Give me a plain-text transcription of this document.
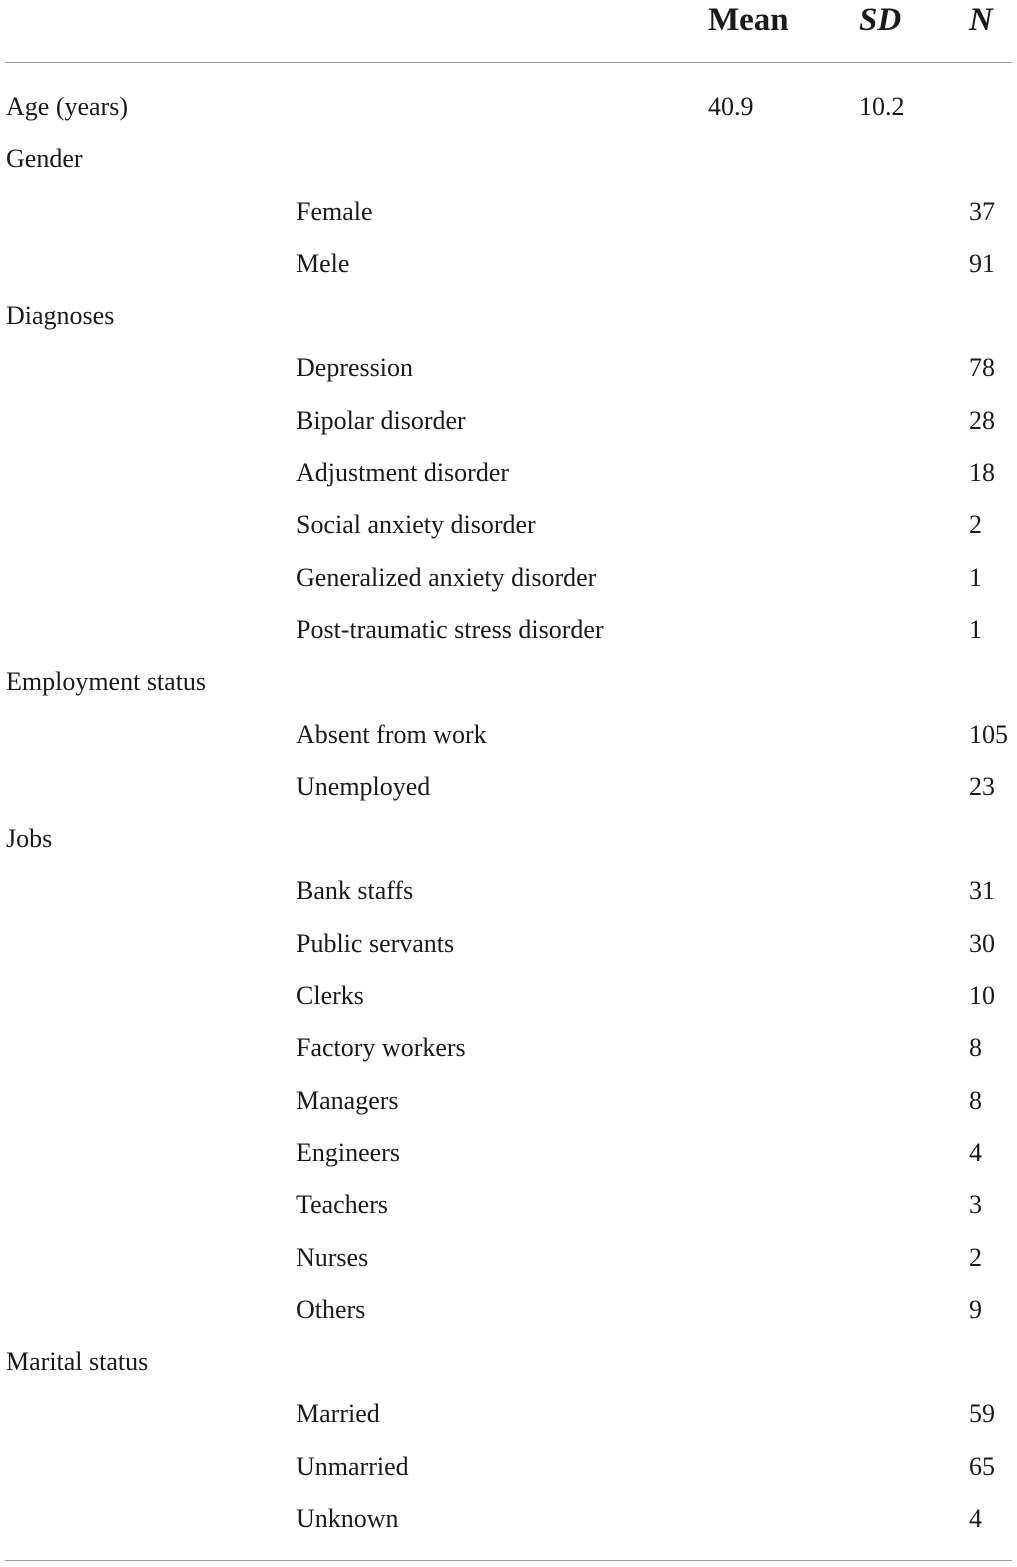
Mean SD N
Age (years)	40.9	10.2
Gender
Female	37
Mele	91
Diagnoses
Depression	78
Bipolar disorder	28
Adjustment disorder	18
Social anxiety disorder	2
Generalized anxiety disorder	1
Post-traumatic stress disorder	1
Employment status
Absent from work	105
Unemployed	23
Jobs
Bank staffs	31
Public servants	30
Clerks	10
Factory workers	8
Managers	8
Engineers	4
Teachers	3
Nurses	2
Others	9
Marital status
Married	59
Unmarried	65
Unknown	4
